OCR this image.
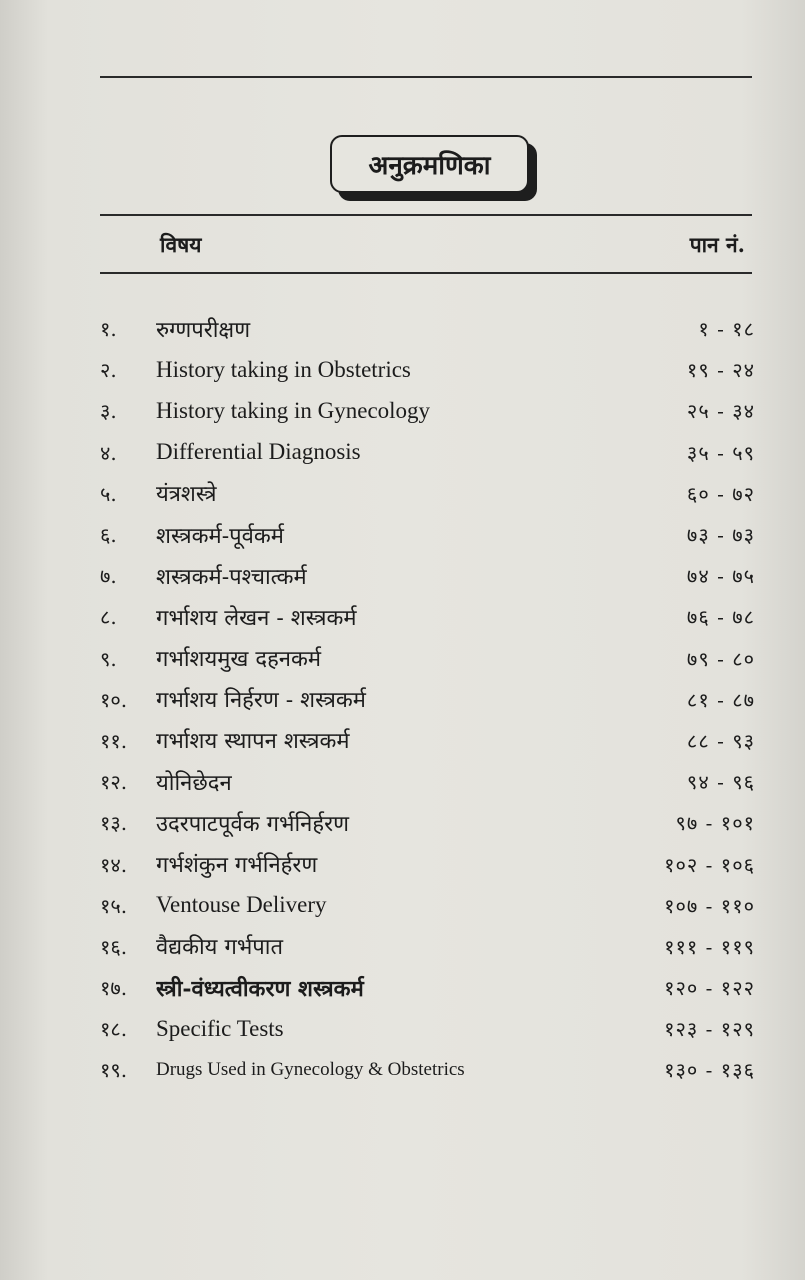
अनुक्रमणिका
विषय	पान नं.
१.	रुग्णपरीक्षण	१ - १८
२.	History taking in Obstetrics	१९ - २४
३.	History taking in Gynecology	२५ - ३४
४.	Differential Diagnosis	३५ - ५९
५.	यंत्रशस्त्रे	६० - ७२
६.	शस्त्रकर्म-पूर्वकर्म	७३ - ७३
७.	शस्त्रकर्म-पश्चात्कर्म	७४ - ७५
८.	गर्भाशय लेखन - शस्त्रकर्म	७६ - ७८
९.	गर्भाशयमुख दहनकर्म	७९ - ८०
१०.	गर्भाशय निर्हरण - शस्त्रकर्म	८१ - ८७
११.	गर्भाशय स्थापन शस्त्रकर्म	८८ - ९३
१२.	योनिछेदन	९४ - ९६
१३.	उदरपाटपूर्वक गर्भनिर्हरण	९७ - १०१
१४.	गर्भशंकुन गर्भनिर्हरण	१०२ - १०६
१५.	Ventouse Delivery	१०७ - ११०
१६.	वैद्यकीय गर्भपात	१११ - ११९
१७.	स्त्री-वंध्यत्वीकरण शस्त्रकर्म	१२० - १२२
१८.	Specific Tests	१२३ - १२९
१९.	Drugs Used in Gynecology & Obstetrics	१३० - १३६
